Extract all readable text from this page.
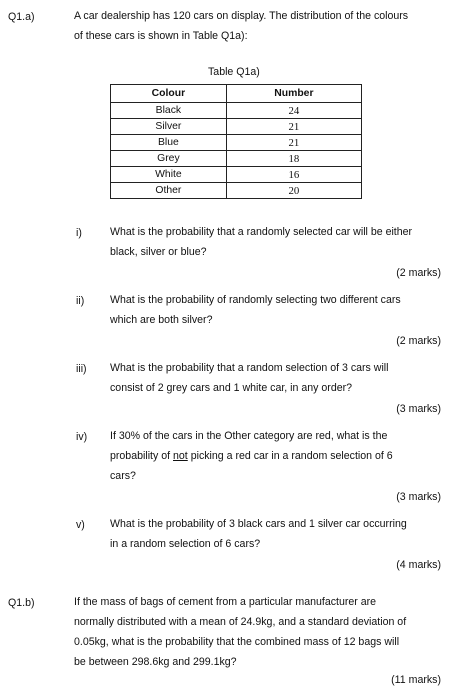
Q1.a)	A car dealership has 120 cars on display. The distribution of the colours

of these cars is shown in Table Q1a):

Table Q1a)
Colour	Number
Black	24
Silver	21
Blue	21
Grey	18
White	16
Other	20
i)	What is the probability that a randomly selected car will be either

black, silver or blue?

(2 marks)
ii) What is the probability of randomly selecting two different cars

which are both silver?

(2 marks)
iii) What is the probability that a random selection of 3 cars will

consist of 2 grey cars and 1 white car, in any order?

(3 marks)
iv) If 30% of the cars in the Other category are red, what is the

probability of not picking a red car in a random selection of 6

cars?

(3 marks)
v) What is the probability of 3 black cars and 1 silver car occurring

in a random selection of 6 cars?

(4 marks)
Q1.b)	If the mass of bags of cement from a particular manufacturer are

normally distributed with a mean of 24.9kg, and a standard deviation of

0.05kg, what is the probability that the combined mass of 12 bags will

be between 298.6kg and 299.1kg?

(11 marks)
